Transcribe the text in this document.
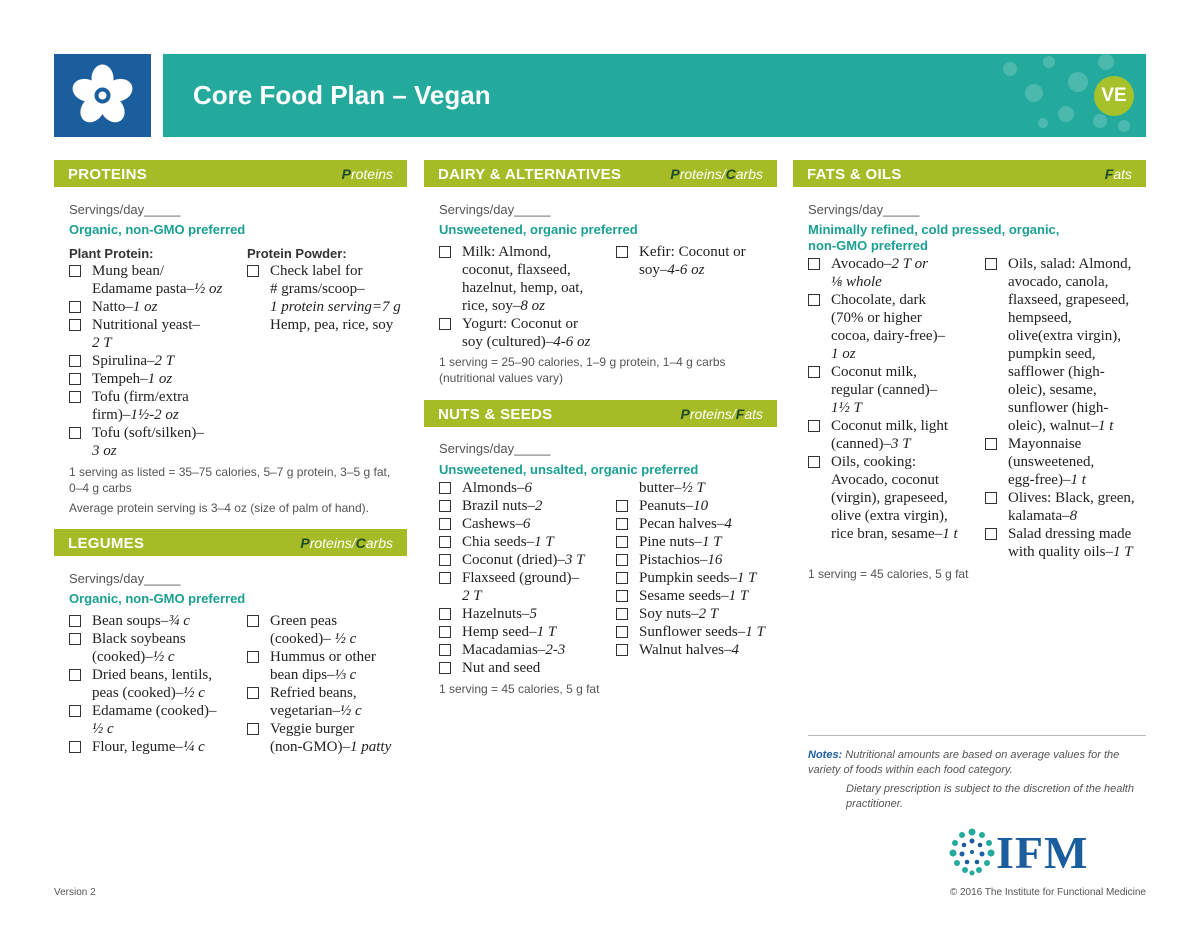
Core Food Plan – Vegan	VE
PROTEINS	Proteins
Servings/day_____
Organic, non-GMO preferred
Plant Protein:	Protein Powder:
Mung bean/
Edamame pasta–½ oz
Natto–1 oz
Nutritional yeast–
2 T
Spirulina–2 T
Tempeh–1 oz
Tofu (firm/extra
firm)–1½-2 oz
Tofu (soft/silken)–
3 oz
Check label for
# grams/scoop–
1 protein serving=7 g
Hemp, pea, rice, soy
1 serving as listed = 35–75 calories, 5–7 g protein, 3–5 g fat, 0–4 g carbs
Average protein serving is 3–4 oz (size of palm of hand).
LEGUMES	Proteins/Carbs
Servings/day_____
Organic, non-GMO preferred
Bean soups–¾ c
Black soybeans
(cooked)–½ c
Dried beans, lentils,
peas (cooked)–½ c
Edamame (cooked)–
½ c
Flour, legume–¼ c
Green peas
(cooked)– ½ c
Hummus or other
bean dips–⅓ c
Refried beans,
vegetarian–½ c
Veggie burger
(non-GMO)–1 patty
DAIRY & ALTERNATIVES	Proteins/Carbs
Servings/day_____
Unsweetened, organic preferred
Milk: Almond,
coconut, flaxseed,
hazelnut, hemp, oat,
rice, soy–8 oz
Yogurt: Coconut or
soy (cultured)–4-6 oz
Kefir: Coconut or
soy–4-6 oz
1 serving = 25–90 calories, 1–9 g protein, 1–4 g carbs (nutritional values vary)
NUTS & SEEDS	Proteins/Fats
Servings/day_____
Unsweetened, unsalted, organic preferred
Almonds–6
Brazil nuts–2
Cashews–6
Chia seeds–1 T
Coconut (dried)–3 T
Flaxseed (ground)–
2 T
Hazelnuts–5
Hemp seed–1 T
Macadamias–2-3
Nut and seed
butter–½ T
Peanuts–10
Pecan halves–4
Pine nuts–1 T
Pistachios–16
Pumpkin seeds–1 T
Sesame seeds–1 T
Soy nuts–2 T
Sunflower seeds–1 T
Walnut halves–4
1 serving = 45 calories, 5 g fat
FATS & OILS	Fats
Servings/day_____
Minimally refined, cold pressed, organic,
non-GMO preferred
Avocado–2 T or
⅛ whole
Chocolate, dark
(70% or higher
cocoa, dairy-free)–
1 oz
Coconut milk,
regular (canned)–
1½ T
Coconut milk, light
(canned)–3 T
Oils, cooking:
Avocado, coconut
(virgin), grapeseed,
olive (extra virgin),
rice bran, sesame–1 t
Oils, salad: Almond,
avocado, canola,
flaxseed, grapeseed,
hempseed,
olive(extra virgin),
pumpkin seed,
safflower (high-
oleic), sesame,
sunflower (high-
oleic), walnut–1 t
Mayonnaise
(unsweetened,
egg-free)–1 t
Olives: Black, green,
kalamata–8
Salad dressing made
with quality oils–1 T
1 serving = 45 calories, 5 g fat
Notes: Nutritional amounts are based on average values for the variety of foods within each food category.
Dietary prescription is subject to the discretion of the health practitioner.
IFM
Version 2	© 2016 The Institute for Functional Medicine
